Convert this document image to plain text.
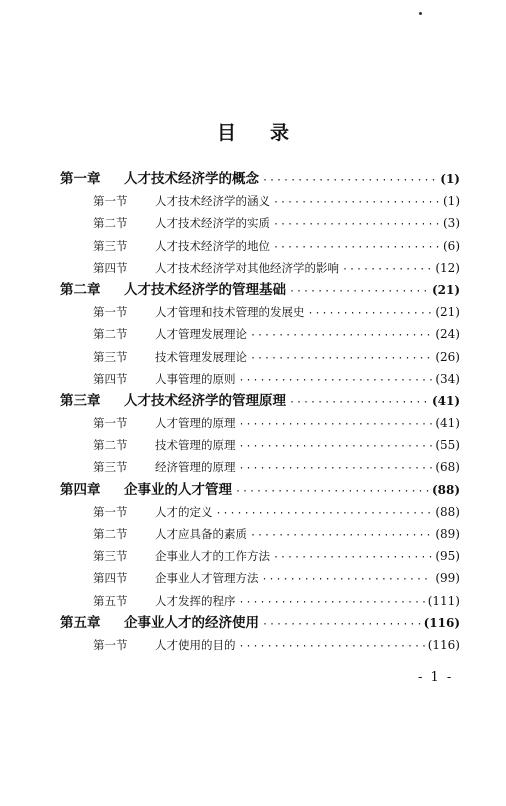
目录
第一章	人才技术经济学的概念 ·····	(1)
第一节	人才技术经济学的涵义 ·····	(1)
第二节	人才技术经济学的实质 ·····	(3)
第三节	人才技术经济学的地位 ·····	(6)
第四节	人才技术经济学对其他经济学的影响 ·····	(12)
第二章	人才技术经济学的管理基础 ·····	(21)
第一节	人才管理和技术管理的发展史 ·····	(21)
第二节	人才管理发展理论 ·····	(24)
第三节	技术管理发展理论 ·····	(26)
第四节	人事管理的原则 ·····	(34)
第三章	人才技术经济学的管理原理 ·····	(41)
第一节	人才管理的原理 ·····	(41)
第二节	技术管理的原理 ·····	(55)
第三节	经济管理的原理 ·····	(68)
第四章	企事业的人才管理 ·····	(88)
第一节	人才的定义 ·····	(88)
第二节	人才应具备的素质 ·····	(89)
第三节	企事业人才的工作方法 ·····	(95)
第四节	企事业人才管理方法 ·····	(99)
第五节	人才发挥的程序 ·····	(111)
第五章	企事业人才的经济使用 ·····	(116)
第一节	人才使用的目的 ·····	(116)
- 1 -
